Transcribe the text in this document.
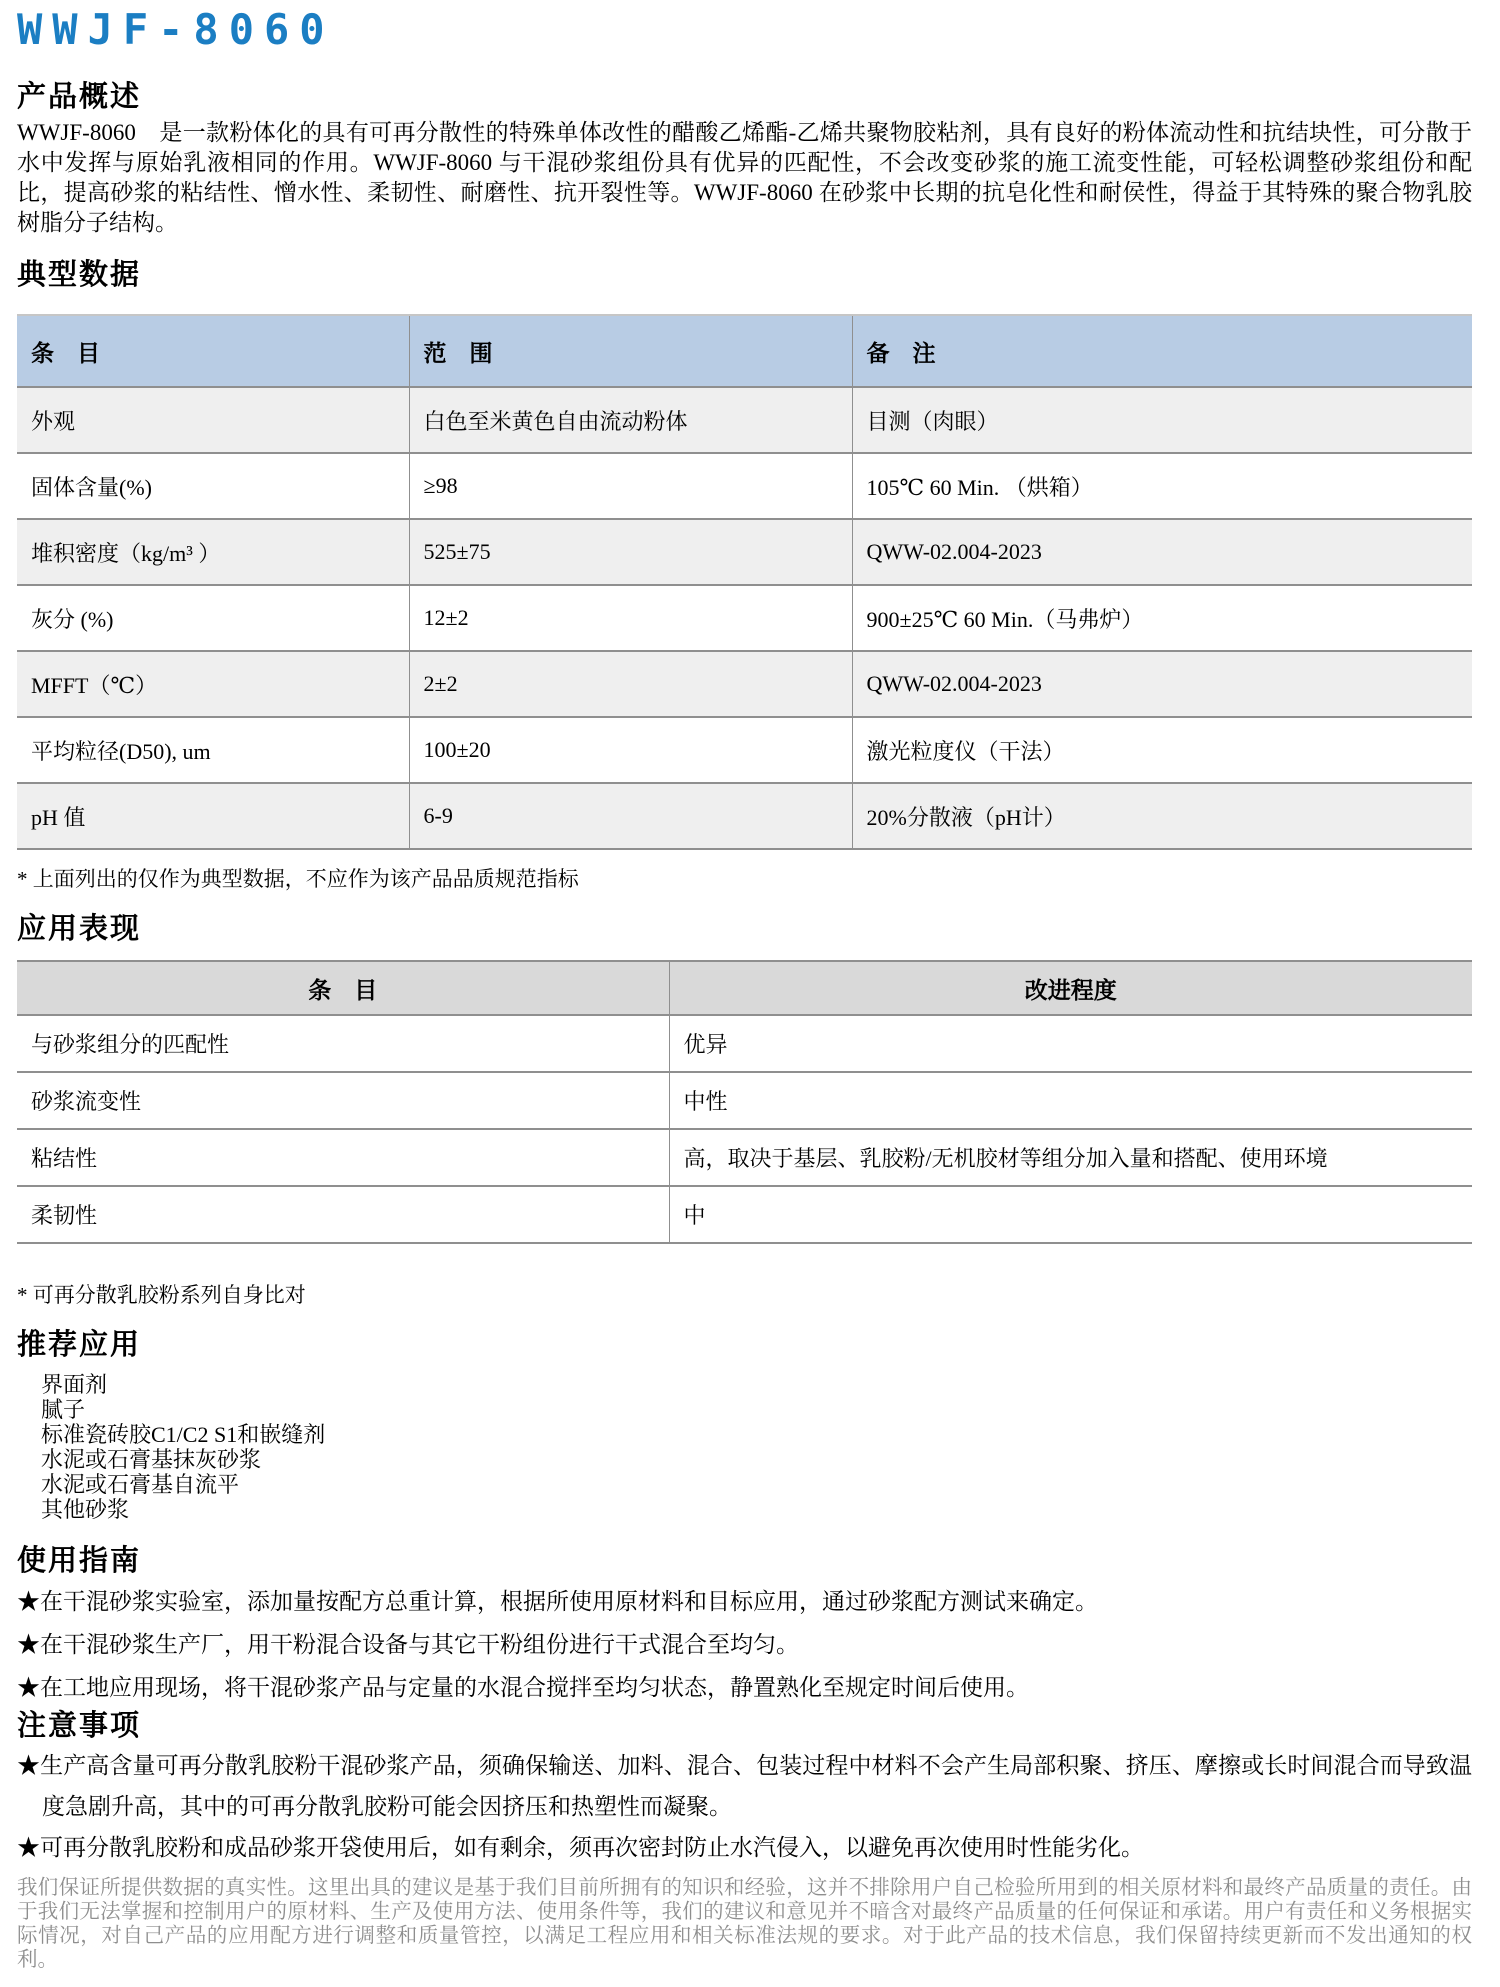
WWJF-8060
产品概述

WWJF-8060　是一款粉体化的具有可再分散性的特殊单体改性的醋酸乙烯酯-乙烯共聚物胶粘剂，具有良好的粉体流动性和抗结块性，可分散于水中发挥与原始乳液相同的作用。WWJF-8060 与干混砂浆组份具有优异的匹配性，不会改变砂浆的施工流变性能，可轻松调整砂浆组份和配比，提高砂浆的粘结性、憎水性、柔韧性、耐磨性、抗开裂性等。WWJF-8060 在砂浆中长期的抗皂化性和耐侯性，得益于其特殊的聚合物乳胶树脂分子结构。

典型数据
条　目	范　围	备　注
外观	白色至米黄色自由流动粉体	目测（肉眼）
固体含量(%)	≥98	105℃ 60 Min. （烘箱）
堆积密度（kg/m³ ）	525±75	QWW-02.004-2023
灰分 (%)	12±2	900±25℃ 60 Min.（马弗炉）
MFFT（℃）	2±2	QWW-02.004-2023
平均粒径(D50), um	100±20	激光粒度仪（干法）
pH 值	6-9	20%分散液（pH计）

* 上面列出的仅作为典型数据，不应作为该产品品质规范指标

应用表现
条　目	改进程度
与砂浆组分的匹配性	优异
砂浆流变性	中性
粘结性	高，取决于基层、乳胶粉/无机胶材等组分加入量和搭配、使用环境
柔韧性	中

* 可再分散乳胶粉系列自身比对

推荐应用
界面剂
腻子
标准瓷砖胶C1/C2 S1和嵌缝剂
水泥或石膏基抹灰砂浆
水泥或石膏基自流平
其他砂浆
使用指南
★在干混砂浆实验室，添加量按配方总重计算，根据所使用原材料和目标应用，通过砂浆配方测试来确定。
★在干混砂浆生产厂，用干粉混合设备与其它干粉组份进行干式混合至均匀。
★在工地应用现场，将干混砂浆产品与定量的水混合搅拌至均匀状态，静置熟化至规定时间后使用。
注意事项
★生产高含量可再分散乳胶粉干混砂浆产品，须确保输送、加料、混合、包装过程中材料不会产生局部积聚、挤压、摩擦或长时间混合而导致温度急剧升高，其中的可再分散乳胶粉可能会因挤压和热塑性而凝聚。
★可再分散乳胶粉和成品砂浆开袋使用后，如有剩余，须再次密封防止水汽侵入，以避免再次使用时性能劣化。

我们保证所提供数据的真实性。这里出具的建议是基于我们目前所拥有的知识和经验，这并不排除用户自己检验所用到的相关原材料和最终产品质量的责任。由于我们无法掌握和控制用户的原材料、生产及使用方法、使用条件等，我们的建议和意见并不暗含对最终产品质量的任何保证和承诺。用户有责任和义务根据实际情况，对自己产品的应用配方进行调整和质量管控，以满足工程应用和相关标准法规的要求。对于此产品的技术信息，我们保留持续更新而不发出通知的权利。
